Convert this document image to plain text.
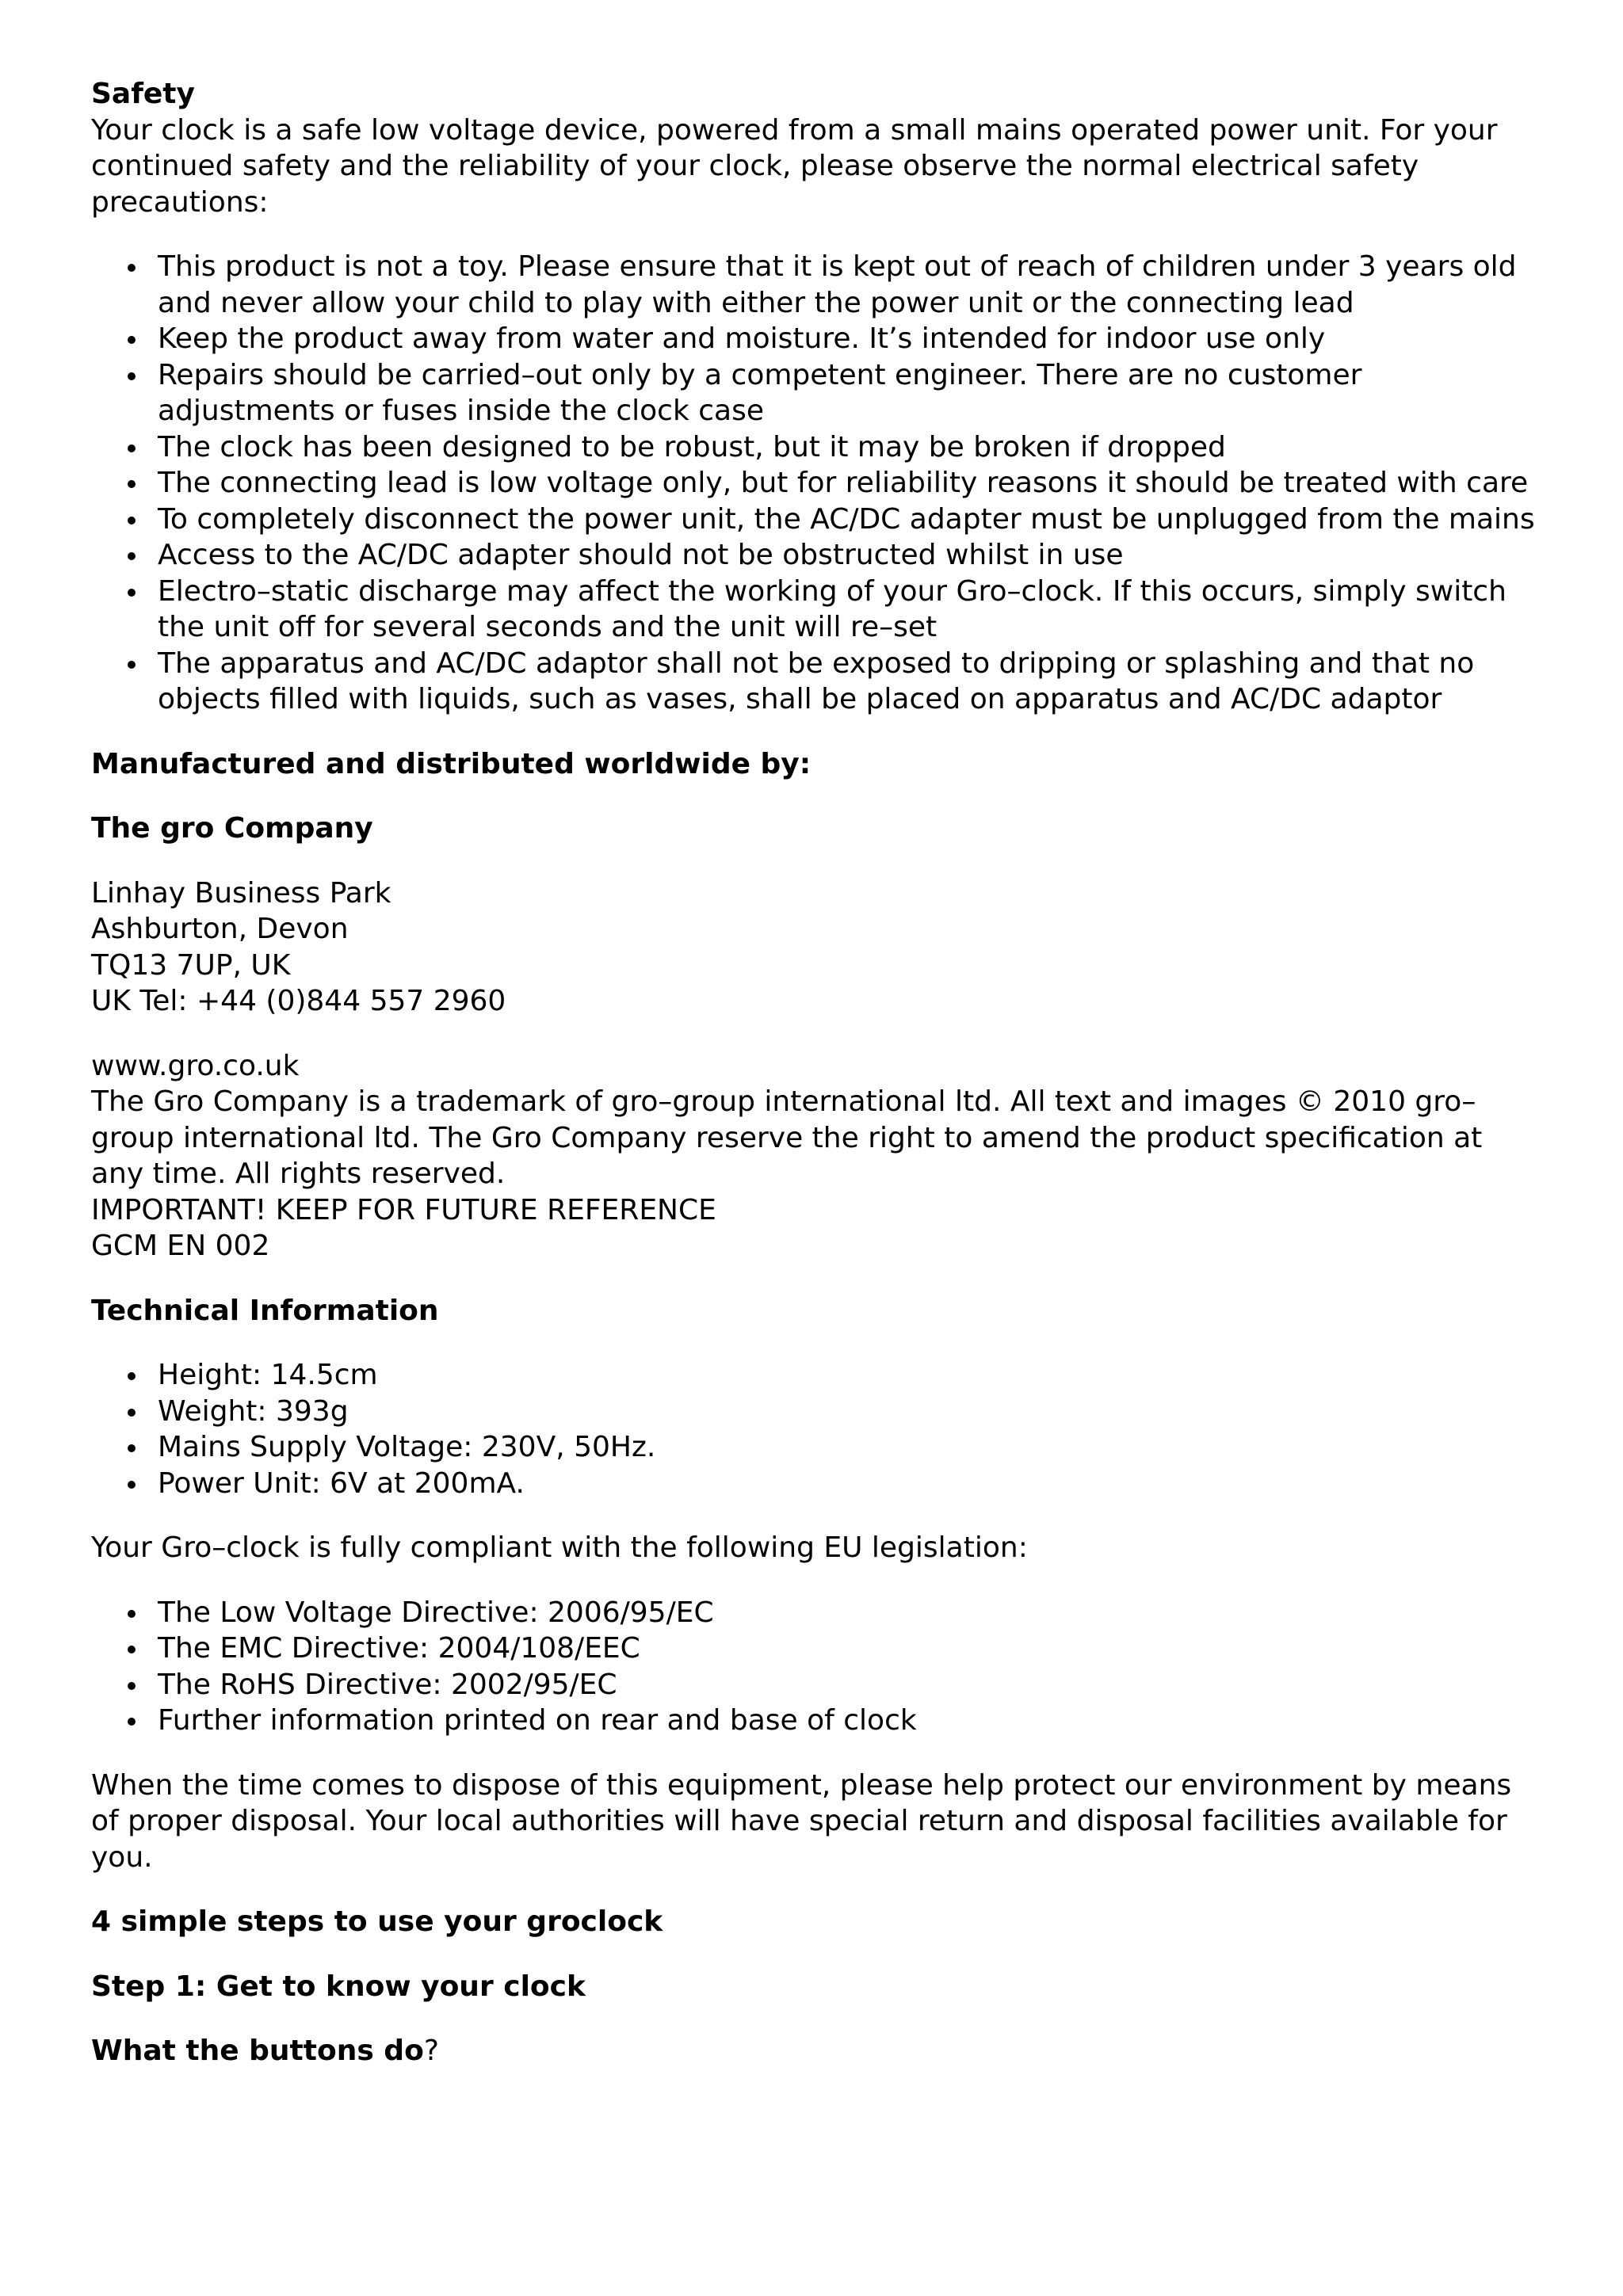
Safety

Your clock is a safe low voltage device, powered from a small mains operated power unit. For your continued safety and the reliability of your clock, please observe the normal electrical safety precautions:

This product is not a toy. Please ensure that it is kept out of reach of children under 3 years old and never allow your child to play with either the power unit or the connecting lead
Keep the product away from water and moisture. It’s intended for indoor use only
Repairs should be carried–out only by a competent engineer. There are no customer adjustments or fuses inside the clock case
The clock has been designed to be robust, but it may be broken if dropped
The connecting lead is low voltage only, but for reliability reasons it should be treated with care
To completely disconnect the power unit, the AC/DC adapter must be unplugged from the mains
Access to the AC/DC adapter should not be obstructed whilst in use
Electro–static discharge may affect the working of your Gro–clock. If this occurs, simply switch the unit off for several seconds and the unit will re–set
The apparatus and AC/DC adaptor shall not be exposed to dripping or splashing and that no objects filled with liquids, such as vases, shall be placed on apparatus and AC/DC adaptor

Manufactured and distributed worldwide by:

The gro Company

Linhay Business Park
Ashburton, Devon
TQ13 7UP, UK
UK Tel: +44 (0)844 557 2960
www.gro.co.uk
The Gro Company is a trademark of gro–group international ltd. All text and images © 2010 gro–group international ltd. The Gro Company reserve the right to amend the product specification at any time. All rights reserved.
IMPORTANT! KEEP FOR FUTURE REFERENCE
GCM EN 002

Technical Information

Height: 14.5cm
Weight: 393g
Mains Supply Voltage: 230V, 50Hz.
Power Unit: 6V at 200mA.

Your Gro–clock is fully compliant with the following EU legislation:

The Low Voltage Directive: 2006/95/EC
The EMC Directive: 2004/108/EEC
The RoHS Directive: 2002/95/EC
Further information printed on rear and base of clock

When the time comes to dispose of this equipment, please help protect our environment by means of proper disposal. Your local authorities will have special return and disposal facilities available for you.

4 simple steps to use your groclock

Step 1: Get to know your clock

What the buttons do?
